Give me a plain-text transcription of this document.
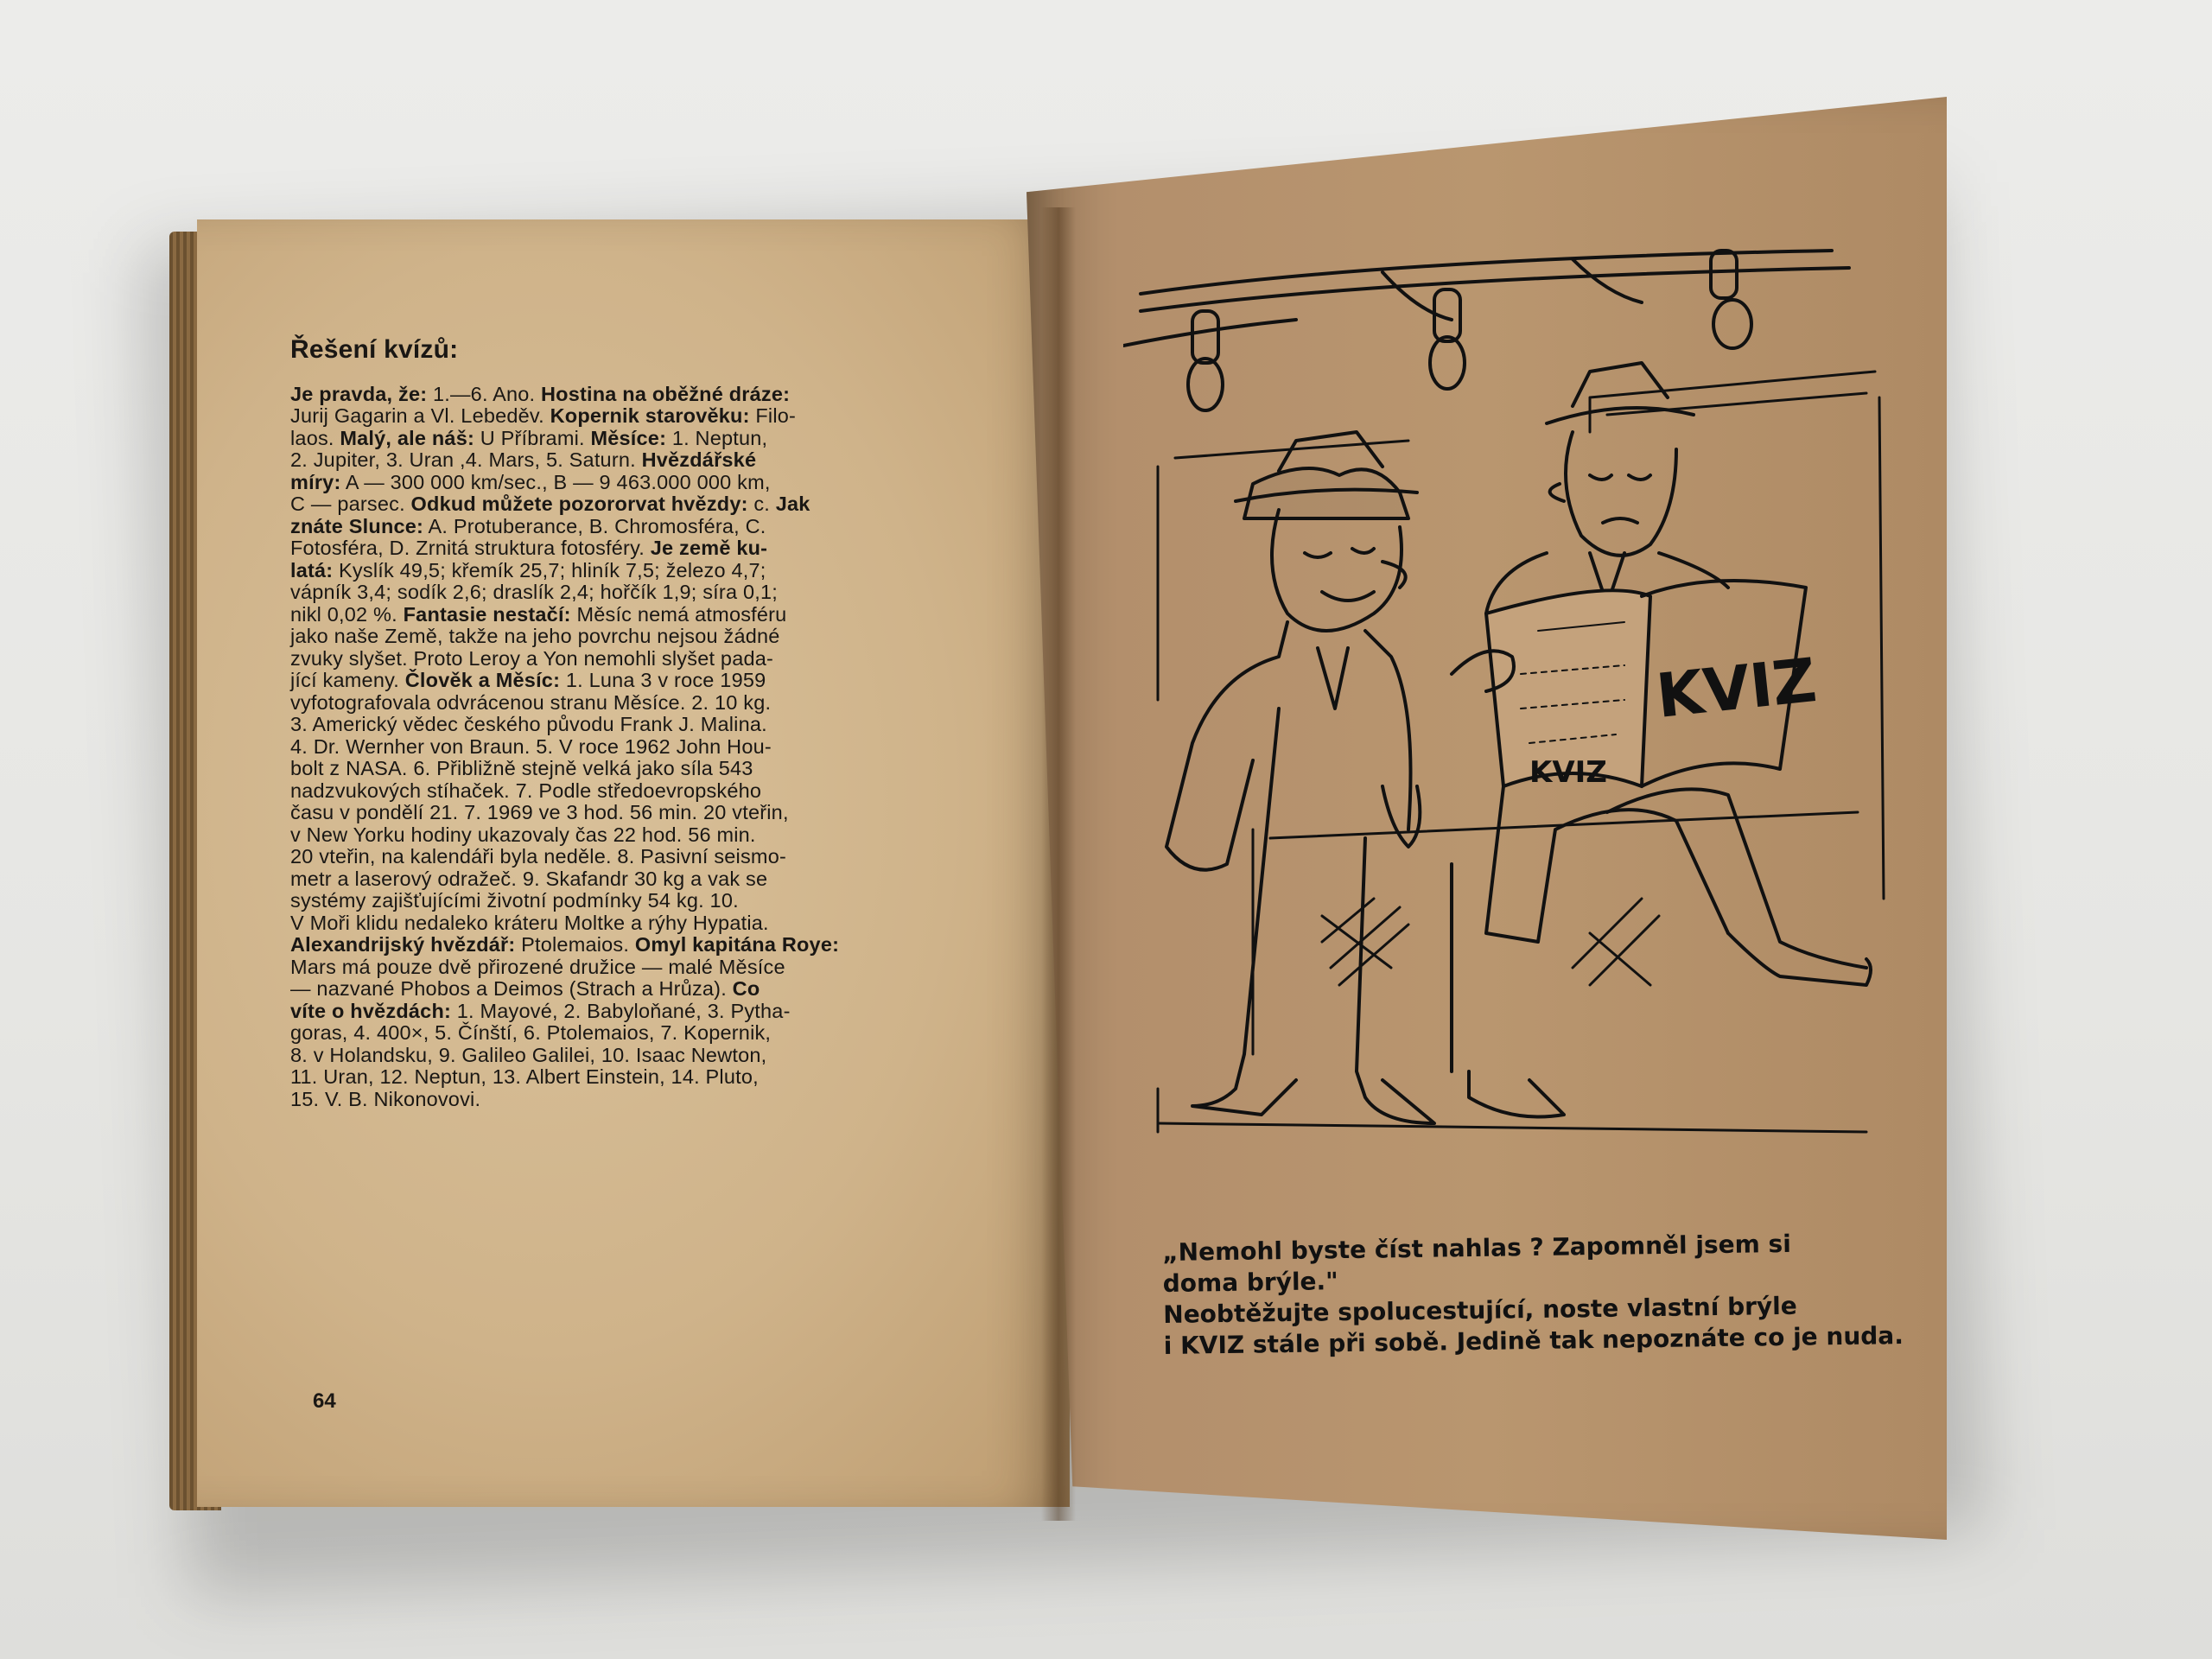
Řešení kvízů:
Je pravda, že: 1.—6. Ano. Hostina na oběžné dráze:
Jurij Gagarin a Vl. Lebeděv. Kopernik starověku: Filo-
laos. Malý, ale náš: U Příbrami. Měsíce: 1. Neptun,
2. Jupiter, 3. Uran ,4. Mars, 5. Saturn. Hvězdářské
míry: A — 300 000 km/sec., B — 9 463.000 000 km,
C — parsec. Odkud můžete pozororvat hvězdy: c. Jak
znáte Slunce: A. Protuberance, B. Chromosféra, C.
Fotosféra, D. Zrnitá struktura fotosféry. Je země ku-
latá: Kyslík 49,5; křemík 25,7; hliník 7,5; železo 4,7;
vápník 3,4; sodík 2,6; draslík 2,4; hořčík 1,9; síra 0,1;
nikl 0,02 %. Fantasie nestačí: Měsíc nemá atmosféru
jako naše Země, takže na jeho povrchu nejsou žádné
zvuky slyšet. Proto Leroy a Yon nemohli slyšet pada-
jící kameny. Člověk a Měsíc: 1. Luna 3 v roce 1959
vyfotografovala odvrácenou stranu Měsíce. 2. 10 kg.
3. Americký vědec českého původu Frank J. Malina.
4. Dr. Wernher von Braun. 5. V roce 1962 John Hou-
bolt z NASA. 6. Přibližně stejně velká jako síla 543
nadzvukových stíhaček. 7. Podle středoevropského
času v pondělí 21. 7. 1969 ve 3 hod. 56 min. 20 vteřin,
v New Yorku hodiny ukazovaly čas 22 hod. 56 min.
20 vteřin, na kalendáři byla neděle. 8. Pasivní seismo-
metr a laserový odražeč. 9. Skafandr 30 kg a vak se
systémy zajišťujícími životní podmínky 54 kg. 10.
V Moři klidu nedaleko kráteru Moltke a rýhy Hypatia.
Alexandrijský hvězdář: Ptolemaios. Omyl kapitána Roye:
Mars má pouze dvě přirozené družice — malé Měsíce
— nazvané Phobos a Deimos (Strach a Hrůza). Co
víte o hvězdách: 1. Mayové, 2. Babyloňané, 3. Pytha-
goras, 4. 400×, 5. Čínští, 6. Ptolemaios, 7. Kopernik,
8. v Holandsku, 9. Galileo Galilei, 10. Isaac Newton,
11. Uran, 12. Neptun, 13. Albert Einstein, 14. Pluto,
15. V. B. Nikonovovi.
64
KVIZ
KVIZ
„Nemohl byste číst nahlas ? Zapomněl jsem si
doma brýle."
Neobtěžujte spolucestující, noste vlastní brýle
i KVIZ stále při sobě. Jedině tak nepoznáte co je nuda.
